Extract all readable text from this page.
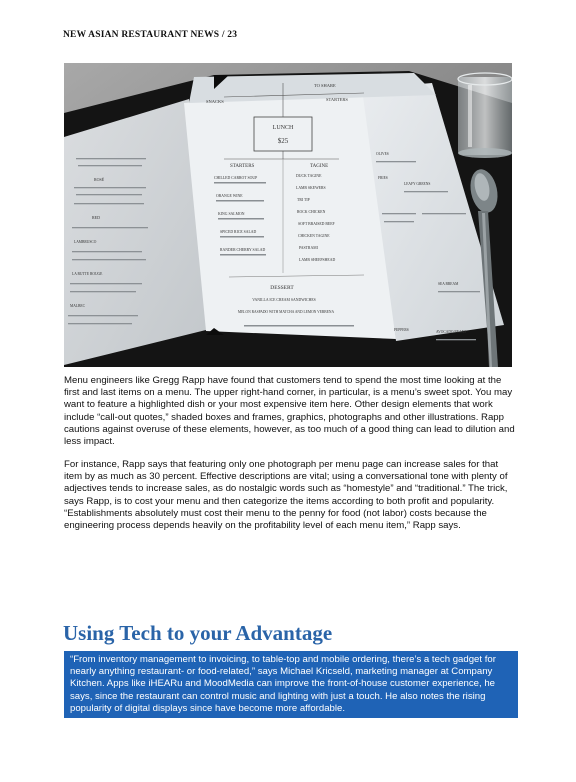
NEW ASIAN RESTAURANT NEWS / 23
LUNCH
$25
SNACKS	STARTERS
TO SHARE
STARTERS	TAGINE
CHILLED CARROT SOUP
ORANGE WINE
KING SALMON
SPICED RICE SALAD
RANDER CHERRY SALAD
DUCK TAGINE
LAMB SKEWERS
TRI TIP
ROCK CHICKEN
SOFT BRAISED BEEF
CHICKEN TAGINE
PASTRAMI
LAMB SHEEPSHEAD
DESSERT
VANILLA ICE CREAM SANDWICHES
MELON RASPADO WITH MATCHA AND LEMON VERBENA
ROSÉ
RED
LAMBRUSCO
LA BUTTE ROUGE
MALBEC
OLIVES
FRIES
LEAFY GREENS
SEA BREAM
PEPPERS	AVOCADO BEANS

Menu engineers like Gregg Rapp have found that customers tend to spend the most time looking at the first and last items on a menu. The upper right-hand corner, in particular, is a menu’s sweet spot. You may want to feature a highlighted dish or your most expensive item here. Other design elements that work include “call-out quotes,” shaded boxes and frames, graphics, photographs and other illustrations. Rapp cautions against overuse of these elements, however, as too much of a good thing can lead to dilution and less impact.

For instance, Rapp says that featuring only one photograph per menu page can increase sales for that item by as much as 30 percent. Effective descriptions are vital; using a conversational tone with plenty of adjectives tends to increase sales, as do nostalgic words such as “homestyle” and “traditional.” The trick, says Rapp, is to cost your menu and then categorize the items according to both profit and popularity. “Establishments absolutely must cost their menu to the penny for food (not labor) costs because the engineering process depends heavily on the profitability level of each menu item,” Rapp says.

Using Tech to your Advantage
“From inventory management to invoicing, to table-top and mobile ordering, there’s a tech gadget for nearly anything restaurant- or food-related,” says Michael Kricseld, marketing manager at Company Kitchen. Apps like iHEARu and MoodMedia can improve the front-of-house customer experience, he says, since the restaurant can control music and lighting with just a touch. He also notes the rising popularity of digital displays since have become more affordable.
